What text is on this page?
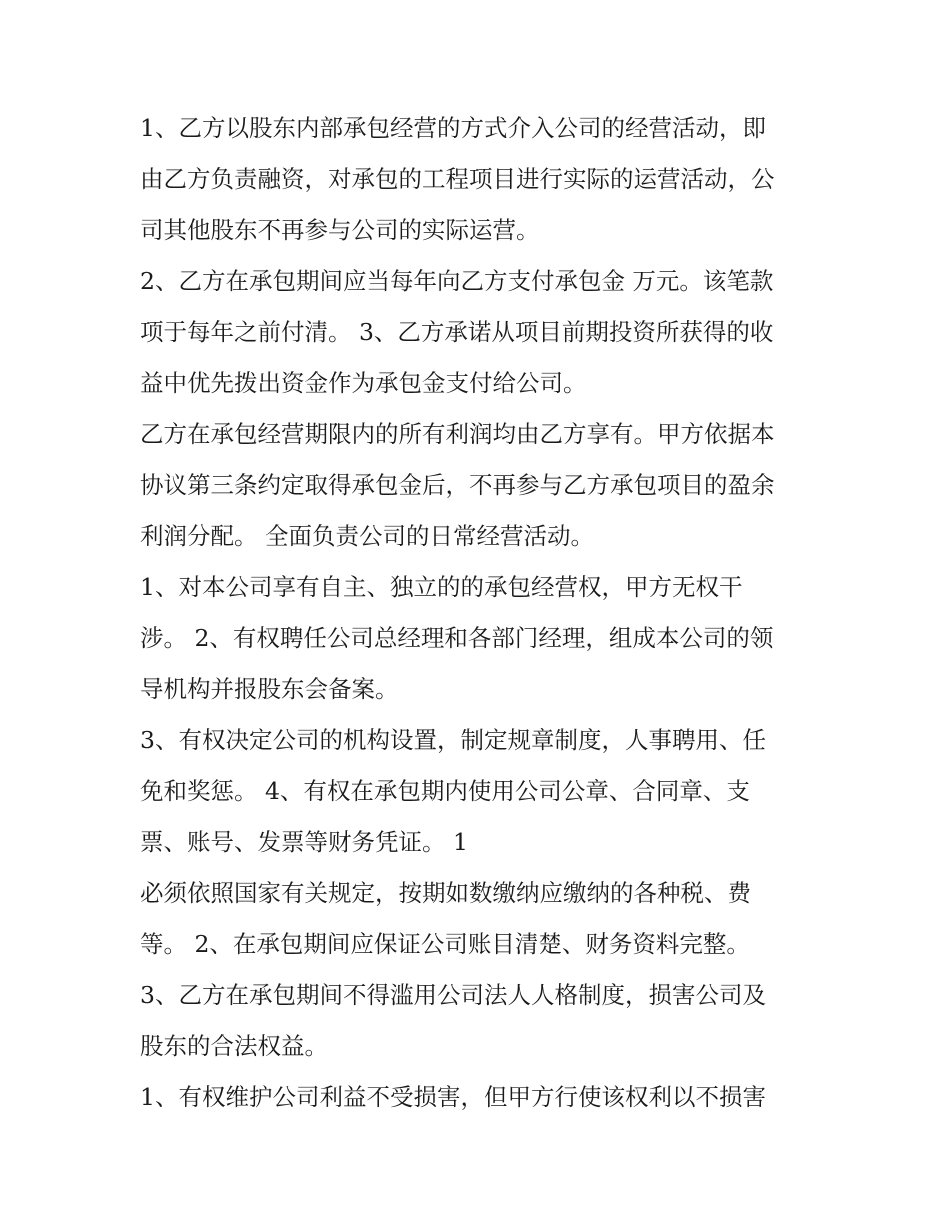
1、乙方以股东内部承包经营的方式介入公司的经营活动，即
由乙方负责融资，对承包的工程项目进行实际的运营活动，公
司其他股东不再参与公司的实际运营。
2、乙方在承包期间应当每年向乙方支付承包金 万元。该笔款
项于每年之前付清。 3、乙方承诺从项目前期投资所获得的收
益中优先拨出资金作为承包金支付给公司。
乙方在承包经营期限内的所有利润均由乙方享有。甲方依据本
协议第三条约定取得承包金后，不再参与乙方承包项目的盈余
利润分配。 全面负责公司的日常经营活动。
1、对本公司享有自主、独立的的承包经营权，甲方无权干
涉。 2、有权聘任公司总经理和各部门经理，组成本公司的领
导机构并报股东会备案。
3、有权决定公司的机构设置，制定规章制度，人事聘用、任
免和奖惩。 4、有权在承包期内使用公司公章、合同章、支
票、账号、发票等财务凭证。 1
必须依照国家有关规定，按期如数缴纳应缴纳的各种税、费
等。 2、在承包期间应保证公司账目清楚、财务资料完整。
3、乙方在承包期间不得滥用公司法人人格制度，损害公司及
股东的合法权益。
1、有权维护公司利益不受损害，但甲方行使该权利以不损害
